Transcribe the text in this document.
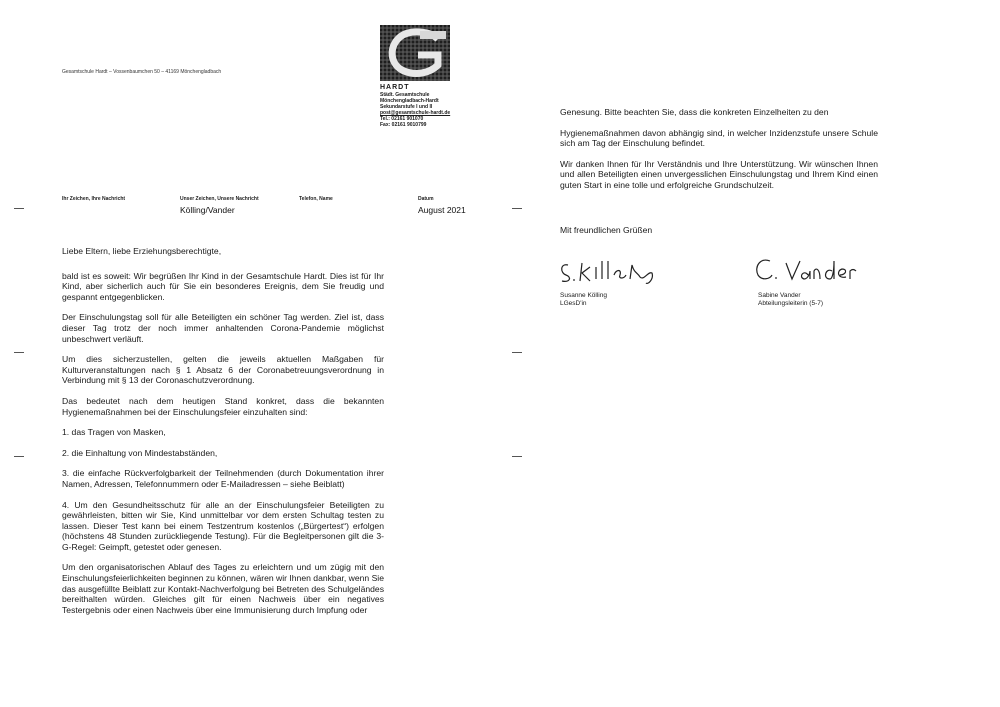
Gesamtschule Hardt – Vossenbaumchen 50 – 41169 Mönchengladbach
HARDT
Städt. Gesamtschule
Mönchengladbach-Hardt
Sekundarstufe I und II
post@gesamtschule-hardt.de
Tel.: 02161 901070
Fax: 02161 9010799
Ihr Zeichen, Ihre Nachricht	Unser Zeichen, Unsere Nachricht
Kölling/Vander
Telefon, Name	Datum
August 2021

Liebe Eltern, liebe Erziehungsberechtigte,

bald ist es soweit: Wir begrüßen Ihr Kind in der Gesamtschule Hardt. Dies ist für Ihr Kind, aber sicherlich auch für Sie ein besonderes Ereignis, dem Sie freudig und gespannt entgegenblicken.

Der Einschulungstag soll für alle Beteiligten ein schöner Tag werden. Ziel ist, dass dieser Tag trotz der noch immer anhaltenden Corona-Pandemie möglichst unbeschwert verläuft.

Um dies sicherzustellen, gelten die jeweils aktuellen Maßgaben für Kulturveranstaltungen nach § 1 Absatz 6 der Coronabetreuungsverordnung in Verbindung mit § 13 der Coronaschutzverordnung.

Das bedeutet nach dem heutigen Stand konkret, dass die bekannten Hygienemaßnahmen bei der Einschulungsfeier einzuhalten sind:

1. das Tragen von Masken,

2. die Einhaltung von Mindestabständen,

3. die einfache Rückverfolgbarkeit der Teilnehmenden (durch Dokumentation ihrer Namen, Adressen, Telefonnummern oder E-Mailadressen – siehe Beiblatt)

4. Um den Gesundheitsschutz für alle an der Einschulungsfeier Beteiligten zu gewährleisten, bitten wir Sie, Kind unmittelbar vor dem ersten Schultag testen zu lassen. Dieser Test kann bei einem Testzentrum kostenlos („Bürgertest“) erfolgen (höchstens 48 Stunden zurückliegende Testung). Für die Begleitpersonen gilt die 3-G-Regel: Geimpft, getestet oder genesen.

Um den organisatorischen Ablauf des Tages zu erleichtern und um zügig mit den Einschulungsfeierlichkeiten beginnen zu können, wären wir Ihnen dankbar, wenn Sie das ausgefüllte Beiblatt zur Kontakt-Nachverfolgung bei Betreten des Schulgeländes bereithalten würden. Gleiches gilt für einen Nachweis über ein negatives Testergebnis oder einen Nachweis über eine Immunisierung durch Impfung oder

Genesung. Bitte beachten Sie, dass die konkreten Einzelheiten zu den

Hygienemaßnahmen davon abhängig sind, in welcher Inzidenzstufe unsere Schule sich am Tag der Einschulung befindet.

Wir danken Ihnen für Ihr Verständnis und Ihre Unterstützung. Wir wünschen Ihnen und allen Beteiligten einen unvergesslichen Einschulungstag und Ihrem Kind einen guten Start in eine tolle und erfolgreiche Grundschulzeit.

Mit freundlichen Grüßen
Susanne Kölling
LGesD'in
Sabine Vander
Abteilungsleiterin (5-7)
